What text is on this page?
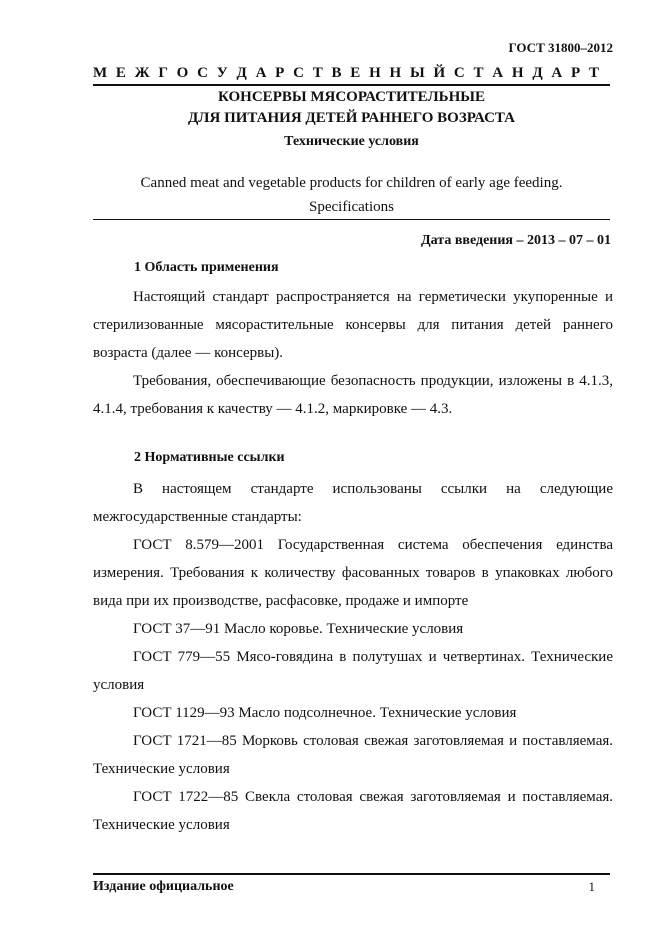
ГОСТ 31800–2012
М Е Ж Г О С У Д А Р С Т В Е Н Н Ы Й С Т А Н Д А Р Т
КОНСЕРВЫ МЯСОРАСТИТЕЛЬНЫЕ
ДЛЯ ПИТАНИЯ ДЕТЕЙ РАННЕГО ВОЗРАСТА
Технические условия
Canned meat and vegetable products for children of early age feeding.
Specifications
Дата введения – 2013 – 07 – 01
1 Область применения
Настоящий стандарт распространяется на герметически укупоренные и стерилизованные мясорастительные консервы для питания детей раннего возраста (далее — консервы).
Требования, обеспечивающие безопасность продукции, изложены в 4.1.3, 4.1.4, требования к качеству — 4.1.2, маркировке — 4.3.
2 Нормативные ссылки
В настоящем стандарте использованы ссылки на следующие межгосударственные стандарты:
ГОСТ 8.579—2001 Государственная система обеспечения единства измерения. Требования к количеству фасованных товаров в упаковках любого вида при их производстве, расфасовке, продаже и импорте
ГОСТ 37—91 Масло коровье. Технические условия
ГОСТ 779—55 Мясо-говядина в полутушах и четвертинах. Технические условия
ГОСТ 1129—93 Масло подсолнечное. Технические условия
ГОСТ 1721—85 Морковь столовая свежая заготовляемая и поставляемая. Технические условия
ГОСТ 1722—85 Свекла столовая свежая заготовляемая и поставляемая. Технические условия
Издание официальное	1
